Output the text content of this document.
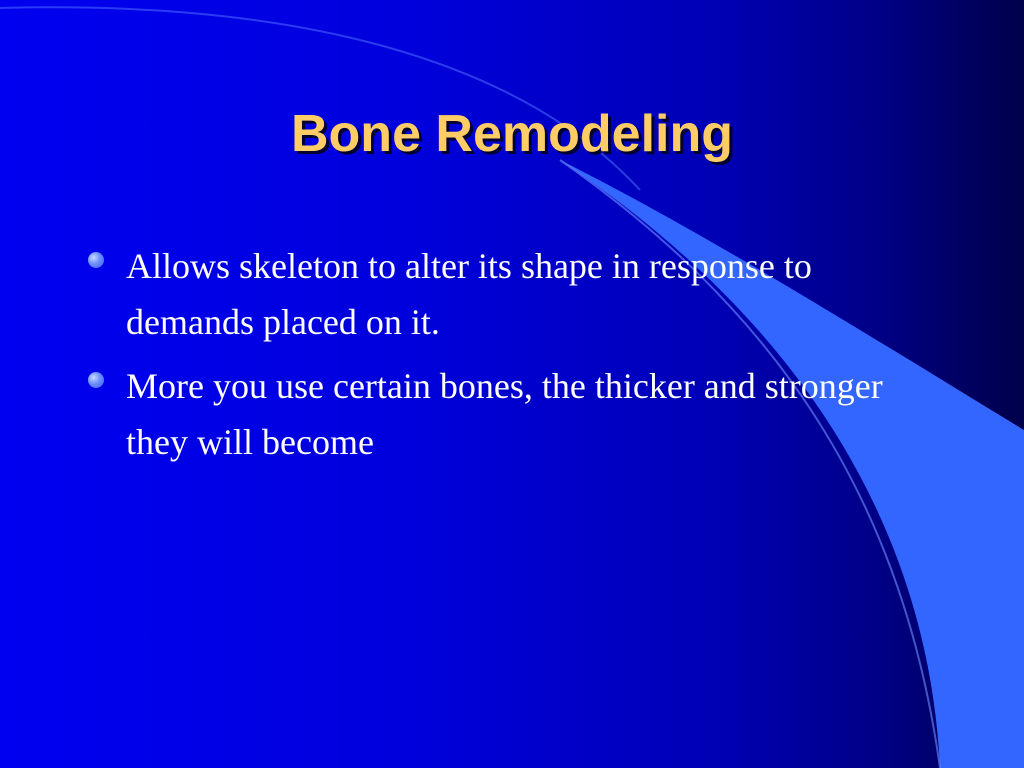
Bone Remodeling
Allows skeleton to alter its shape in response to demands placed on it.
More you use certain bones, the thicker and stronger they will become
